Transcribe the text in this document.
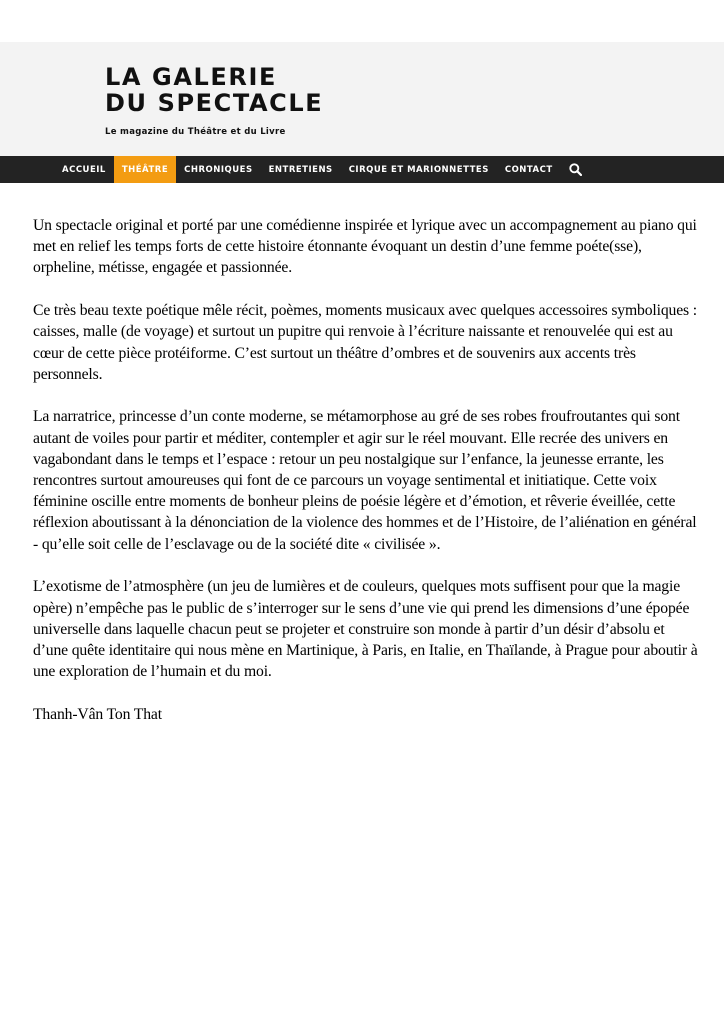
LA GALERIE
DU SPECTACLE
Le magazine du Théâtre et du Livre
ACCUEIL	THÉÂTRE	CHRONIQUES	ENTRETIENS	CIRQUE ET MARIONNETTES	CONTACT

Un spectacle original et porté par une comédienne inspirée et lyrique avec un accompagnement au piano qui met en relief les temps forts de cette histoire étonnante évoquant un destin d’une femme poéte(sse), orpheline, métisse, engagée et passionnée.

Ce très beau texte poétique mêle récit, poèmes, moments musicaux avec quelques accessoires symboliques : caisses, malle (de voyage) et surtout un pupitre qui renvoie à l’écriture naissante et renouvelée qui est au cœur de cette pièce protéiforme. C’est surtout un théâtre d’ombres et de souvenirs aux accents très personnels.

La narratrice, princesse d’un conte moderne, se métamorphose au gré de ses robes froufroutantes qui sont autant de voiles pour partir et méditer, contempler et agir sur le réel mouvant. Elle recrée des univers en vagabondant dans le temps et l’espace : retour un peu nostalgique sur l’enfance, la jeunesse errante, les rencontres surtout amoureuses qui font de ce parcours un voyage sentimental et initiatique. Cette voix féminine oscille entre moments de bonheur pleins de poésie légère et d’émotion, et rêverie éveillée, cette réflexion aboutissant à la dénonciation de la violence des hommes et de l’Histoire, de l’aliénation en général - qu’elle soit celle de l’esclavage ou de la société dite « civilisée ».

L’exotisme de l’atmosphère (un jeu de lumières et de couleurs, quelques mots suffisent pour que la magie opère) n’empêche pas le public de s’interroger sur le sens d’une vie qui prend les dimensions d’une épopée universelle dans laquelle chacun peut se projeter et construire son monde à partir d’un désir d’absolu et d’une quête identitaire qui nous mène en Martinique, à Paris, en Italie, en Thaïlande, à Prague pour aboutir à une exploration de l’humain et du moi.

Thanh-Vân Ton That
